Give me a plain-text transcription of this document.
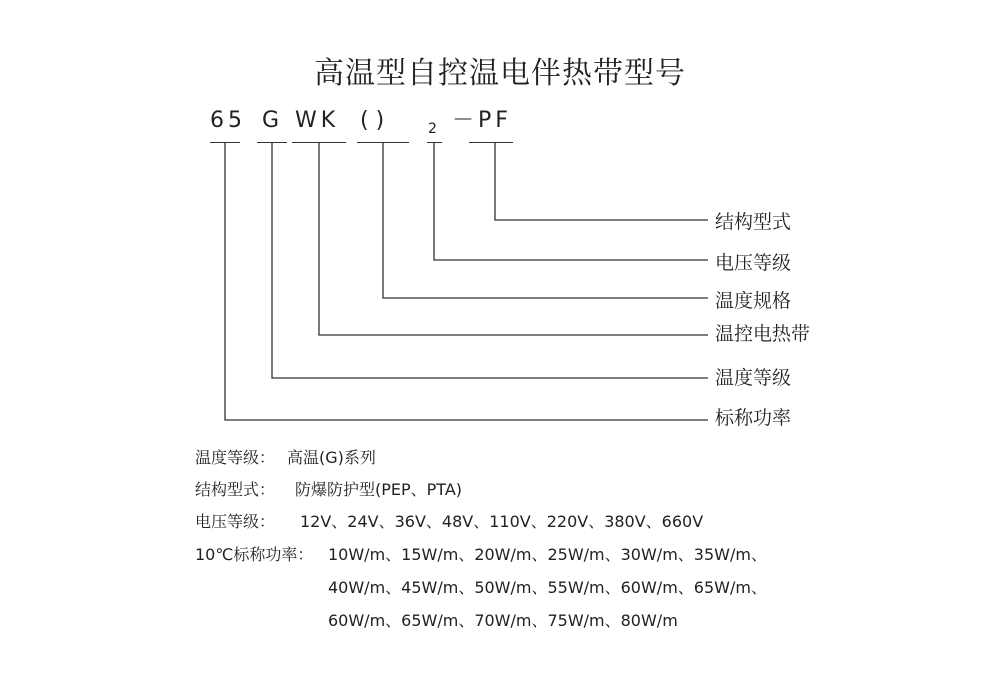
高温型自控温电伴热带型号
65 G WK ( )	2 －PF
结构型式
电压等级
温度规格
温控电热带
温度等级
标称功率
温度等级： 高温(G)系列
结构型式： 防爆防护型(PEP、PTA)
电压等级： 12V、24V、36V、48V、110V、220V、380V、660V
10℃标称功率： 10W/m、15W/m、20W/m、25W/m、30W/m、35W/m、
40W/m、45W/m、50W/m、55W/m、60W/m、65W/m、
60W/m、65W/m、70W/m、75W/m、80W/m
